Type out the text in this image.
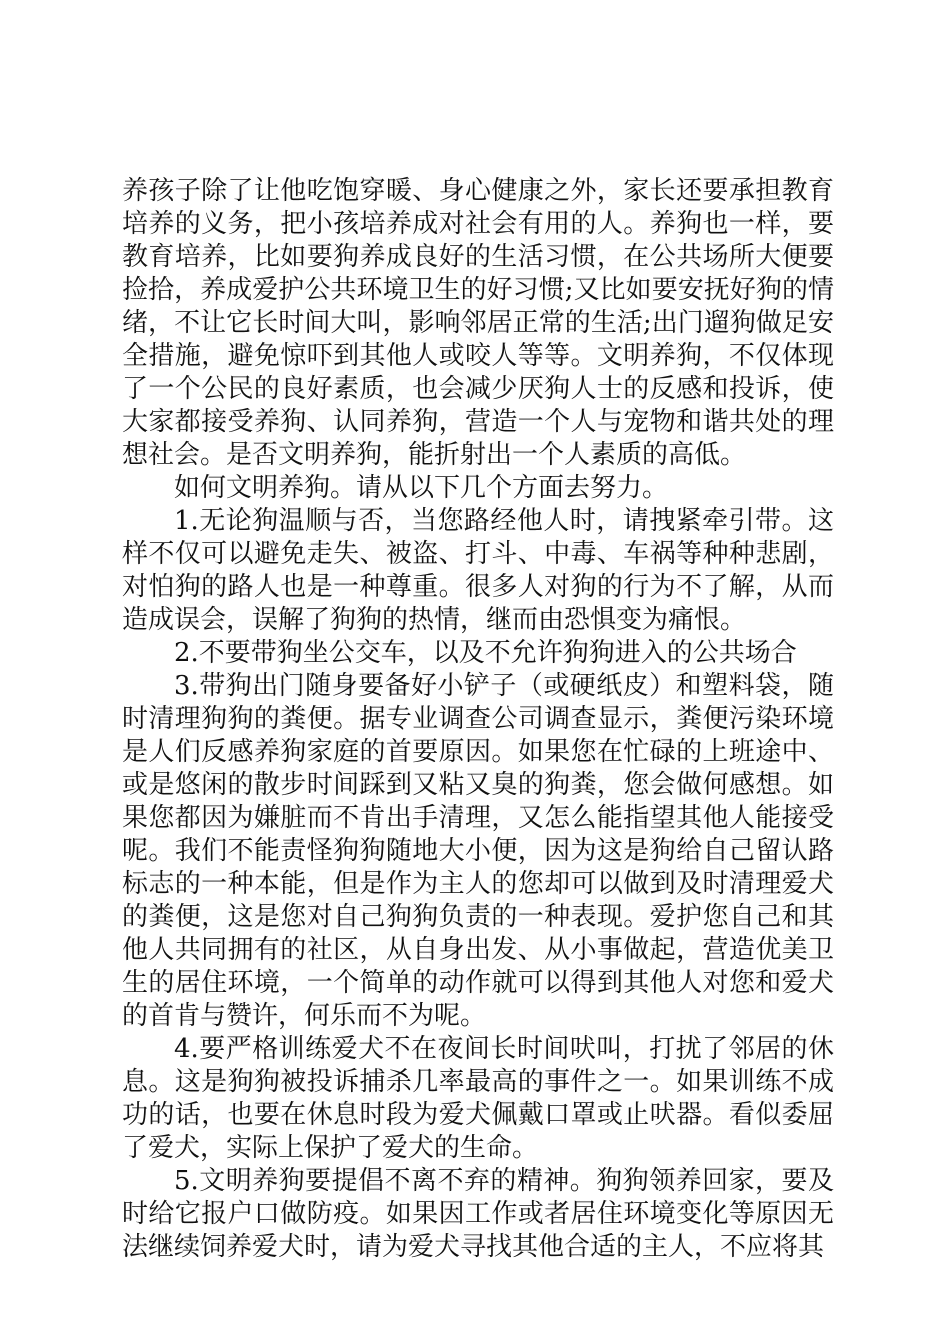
养孩子除了让他吃饱穿暖、身心健康之外，家长还要承担教育培养的义务，把小孩培养成对社会有用的人。养狗也一样，要教育培养，比如要狗养成良好的生活习惯，在公共场所大便要捡拾，养成爱护公共环境卫生的好习惯;又比如要安抚好狗的情绪，不让它长时间大叫，影响邻居正常的生活;出门遛狗做足安全措施，避免惊吓到其他人或咬人等等。文明养狗，不仅体现了一个公民的良好素质，也会减少厌狗人士的反感和投诉，使大家都接受养狗、认同养狗，营造一个人与宠物和谐共处的理想社会。是否文明养狗，能折射出一个人素质的高低。

如何文明养狗。请从以下几个方面去努力。

1.无论狗温顺与否，当您路经他人时，请拽紧牵引带。这样不仅可以避免走失、被盗、打斗、中毒、车祸等种种悲剧，对怕狗的路人也是一种尊重。很多人对狗的行为不了解，从而造成误会，误解了狗狗的热情，继而由恐惧变为痛恨。

2.不要带狗坐公交车，以及不允许狗狗进入的公共场合

3.带狗出门随身要备好小铲子（或硬纸皮）和塑料袋，随时清理狗狗的粪便。据专业调查公司调查显示，粪便污染环境是人们反感养狗家庭的首要原因。如果您在忙碌的上班途中、或是悠闲的散步时间踩到又粘又臭的狗粪，您会做何感想。如果您都因为嫌脏而不肯出手清理，又怎么能指望其他人能接受呢。我们不能责怪狗狗随地大小便，因为这是狗给自己留认路标志的一种本能，但是作为主人的您却可以做到及时清理爱犬的粪便，这是您对自己狗狗负责的一种表现。爱护您自己和其他人共同拥有的社区，从自身出发、从小事做起，营造优美卫生的居住环境，一个简单的动作就可以得到其他人对您和爱犬的首肯与赞许，何乐而不为呢。

4.要严格训练爱犬不在夜间长时间吠叫，打扰了邻居的休息。这是狗狗被投诉捕杀几率最高的事件之一。如果训练不成功的话，也要在休息时段为爱犬佩戴口罩或止吠器。看似委屈了爱犬，实际上保护了爱犬的生命。

5.文明养狗要提倡不离不弃的精神。狗狗领养回家，要及时给它报户口做防疫。如果因工作或者居住环境变化等原因无法继续饲养爱犬时，请为爱犬寻找其他合适的主人，不应将其
